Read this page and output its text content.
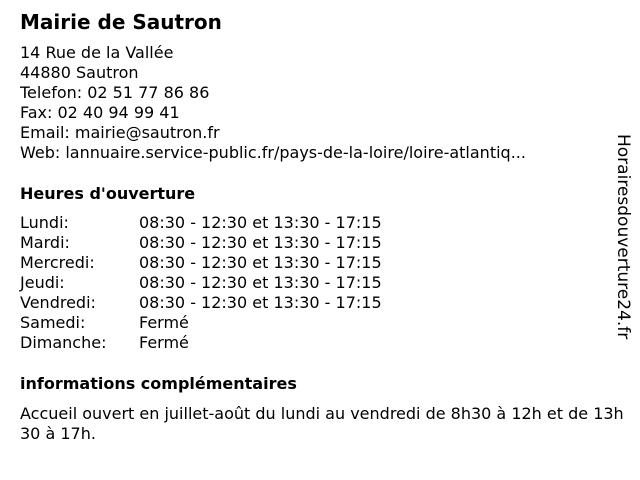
Mairie de Sautron
14 Rue de la Vallée
44880 Sautron
Telefon: 02 51 77 86 86
Fax: 02 40 94 99 41
Email: mairie@sautron.fr
Web: lannuaire.service-public.fr/pays-de-la-loire/loire-atlantiq...
Heures d'ouverture
Lundi:	08:30 - 12:30 et 13:30 - 17:15
Mardi:	08:30 - 12:30 et 13:30 - 17:15
Mercredi:	08:30 - 12:30 et 13:30 - 17:15
Jeudi:	08:30 - 12:30 et 13:30 - 17:15
Vendredi:	08:30 - 12:30 et 13:30 - 17:15
Samedi:	Fermé
Dimanche: Fermé
informations complémentaires
Accueil ouvert en juillet-août du lundi au vendredi de 8h30 à 12h et de 13h30 à 17h.
Horairesdouverture24.fr
